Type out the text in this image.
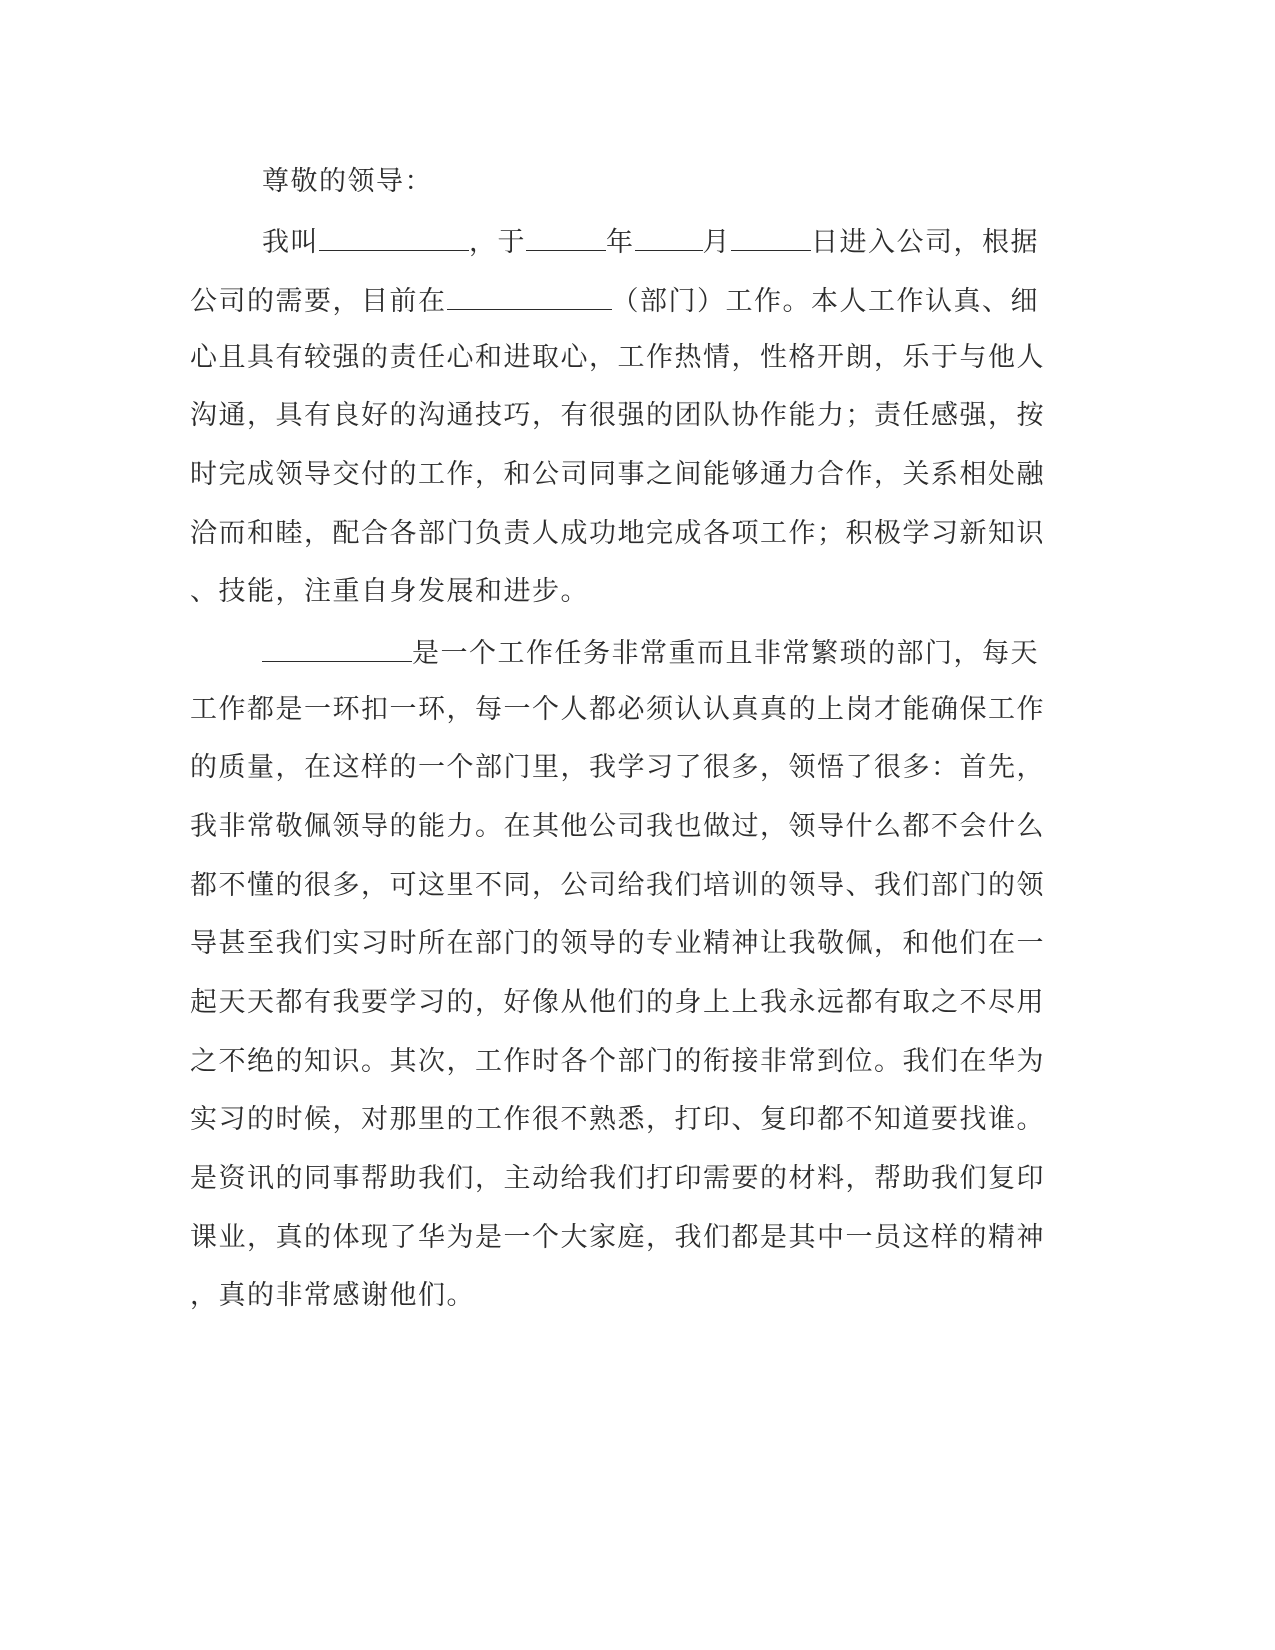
尊敬的领导：
我叫	，于	年	月	日进入公司，根据
公司的需要，目前在	（部门）工作。本人工作认真、细
心且具有较强的责任心和进取心，工作热情，性格开朗，乐于与他人
沟通，具有良好的沟通技巧，有很强的团队协作能力；责任感强，按
时完成领导交付的工作，和公司同事之间能够通力合作，关系相处融
洽而和睦，配合各部门负责人成功地完成各项工作；积极学习新知识
、技能，注重自身发展和进步。
是一个工作任务非常重而且非常繁琐的部门，每天
工作都是一环扣一环，每一个人都必须认认真真的上岗才能确保工作
的质量，在这样的一个部门里，我学习了很多，领悟了很多：首先，
我非常敬佩领导的能力。在其他公司我也做过，领导什么都不会什么
都不懂的很多，可这里不同，公司给我们培训的领导、我们部门的领
导甚至我们实习时所在部门的领导的专业精神让我敬佩，和他们在一
起天天都有我要学习的，好像从他们的身上上我永远都有取之不尽用
之不绝的知识。其次，工作时各个部门的衔接非常到位。我们在华为
实习的时候，对那里的工作很不熟悉，打印、复印都不知道要找谁。
是资讯的同事帮助我们，主动给我们打印需要的材料，帮助我们复印
课业，真的体现了华为是一个大家庭，我们都是其中一员这样的精神
，真的非常感谢他们。
